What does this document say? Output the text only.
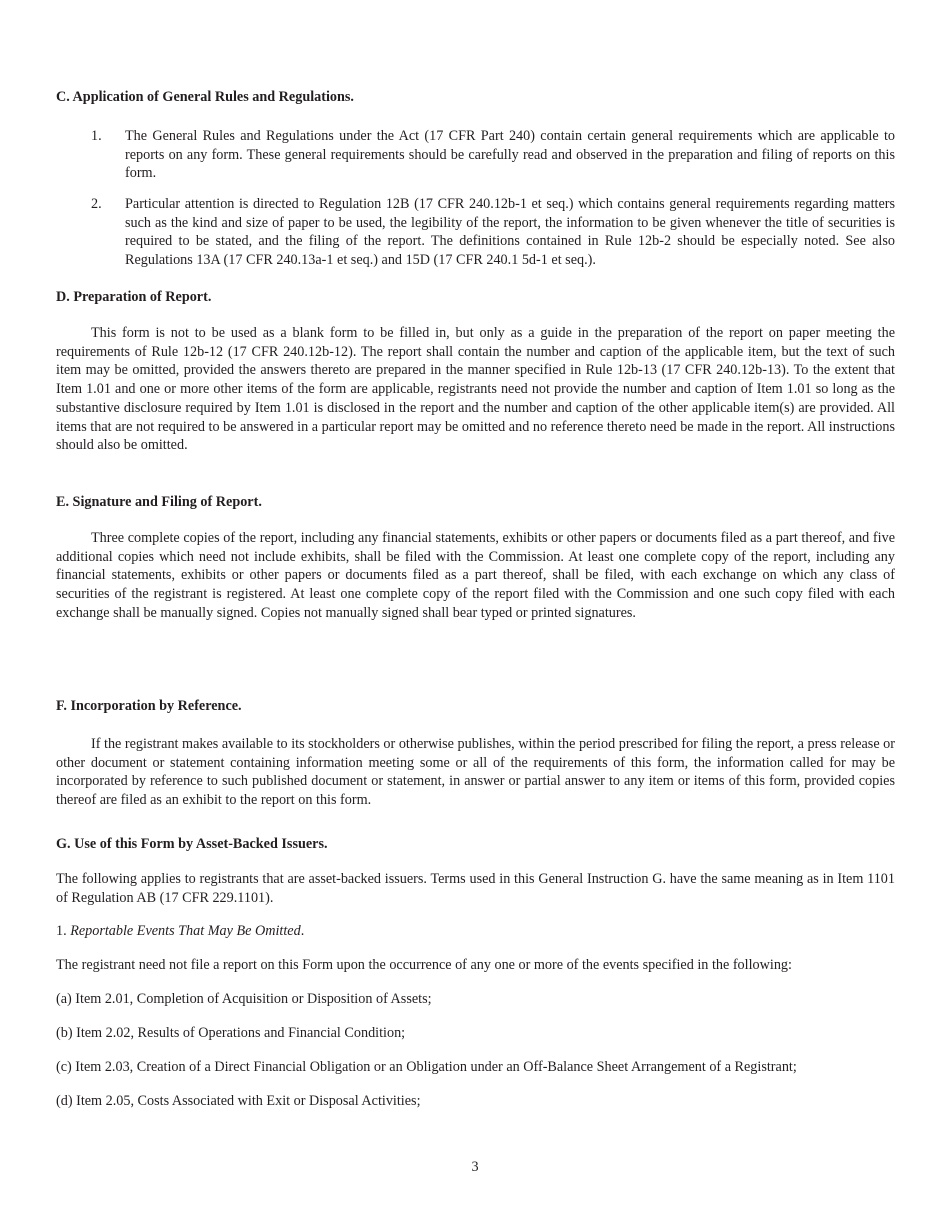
C. Application of General Rules and Regulations.
1.	The General Rules and Regulations under the Act (17 CFR Part 240) contain certain general requirements which are applicable to reports on any form. These general requirements should be carefully read and observed in the preparation and filing of reports on this form.
2.	Particular attention is directed to Regulation 12B (17 CFR 240.12b-1 et seq.) which contains general requirements regarding matters such as the kind and size of paper to be used, the legibility of the report, the information to be given whenever the title of securities is required to be stated, and the filing of the report. The definitions contained in Rule 12b-2 should be especially noted. See also Regulations 13A (17 CFR 240.13a-1 et seq.) and 15D (17 CFR 240.1 5d-1 et seq.).
D. Preparation of Report.
This form is not to be used as a blank form to be filled in, but only as a guide in the preparation of the report on paper meeting the requirements of Rule 12b-12 (17 CFR 240.12b-12). The report shall contain the number and caption of the applicable item, but the text of such item may be omitted, provided the answers thereto are prepared in the manner specified in Rule 12b-13 (17 CFR 240.12b-13). To the extent that Item 1.01 and one or more other items of the form are applicable, registrants need not provide the number and caption of Item 1.01 so long as the substantive disclosure required by Item 1.01 is disclosed in the report and the number and caption of the other applicable item(s) are provided. All items that are not required to be answered in a particular report may be omitted and no reference thereto need be made in the report. All instructions should also be omitted.
E. Signature and Filing of Report.
Three complete copies of the report, including any financial statements, exhibits or other papers or documents filed as a part thereof, and five additional copies which need not include exhibits, shall be filed with the Commission. At least one complete copy of the report, including any financial statements, exhibits or other papers or documents filed as a part thereof, shall be filed, with each exchange on which any class of securities of the registrant is registered. At least one complete copy of the report filed with the Commission and one such copy filed with each exchange shall be manually signed. Copies not manually signed shall bear typed or printed signatures.
F. Incorporation by Reference.
If the registrant makes available to its stockholders or otherwise publishes, within the period prescribed for filing the report, a press release or other document or statement containing information meeting some or all of the requirements of this form, the information called for may be incorporated by reference to such published document or statement, in answer or partial answer to any item or items of this form, provided copies thereof are filed as an exhibit to the report on this form.
G. Use of this Form by Asset-Backed Issuers.
The following applies to registrants that are asset-backed issuers. Terms used in this General Instruction G. have the same meaning as in Item 1101 of Regulation AB (17 CFR 229.1101).
1. Reportable Events That May Be Omitted.
The registrant need not file a report on this Form upon the occurrence of any one or more of the events specified in the following:
(a) Item 2.01, Completion of Acquisition or Disposition of Assets;
(b) Item 2.02, Results of Operations and Financial Condition;
(c) Item 2.03, Creation of a Direct Financial Obligation or an Obligation under an Off-Balance Sheet Arrangement of a Registrant;
(d) Item 2.05, Costs Associated with Exit or Disposal Activities;
3
